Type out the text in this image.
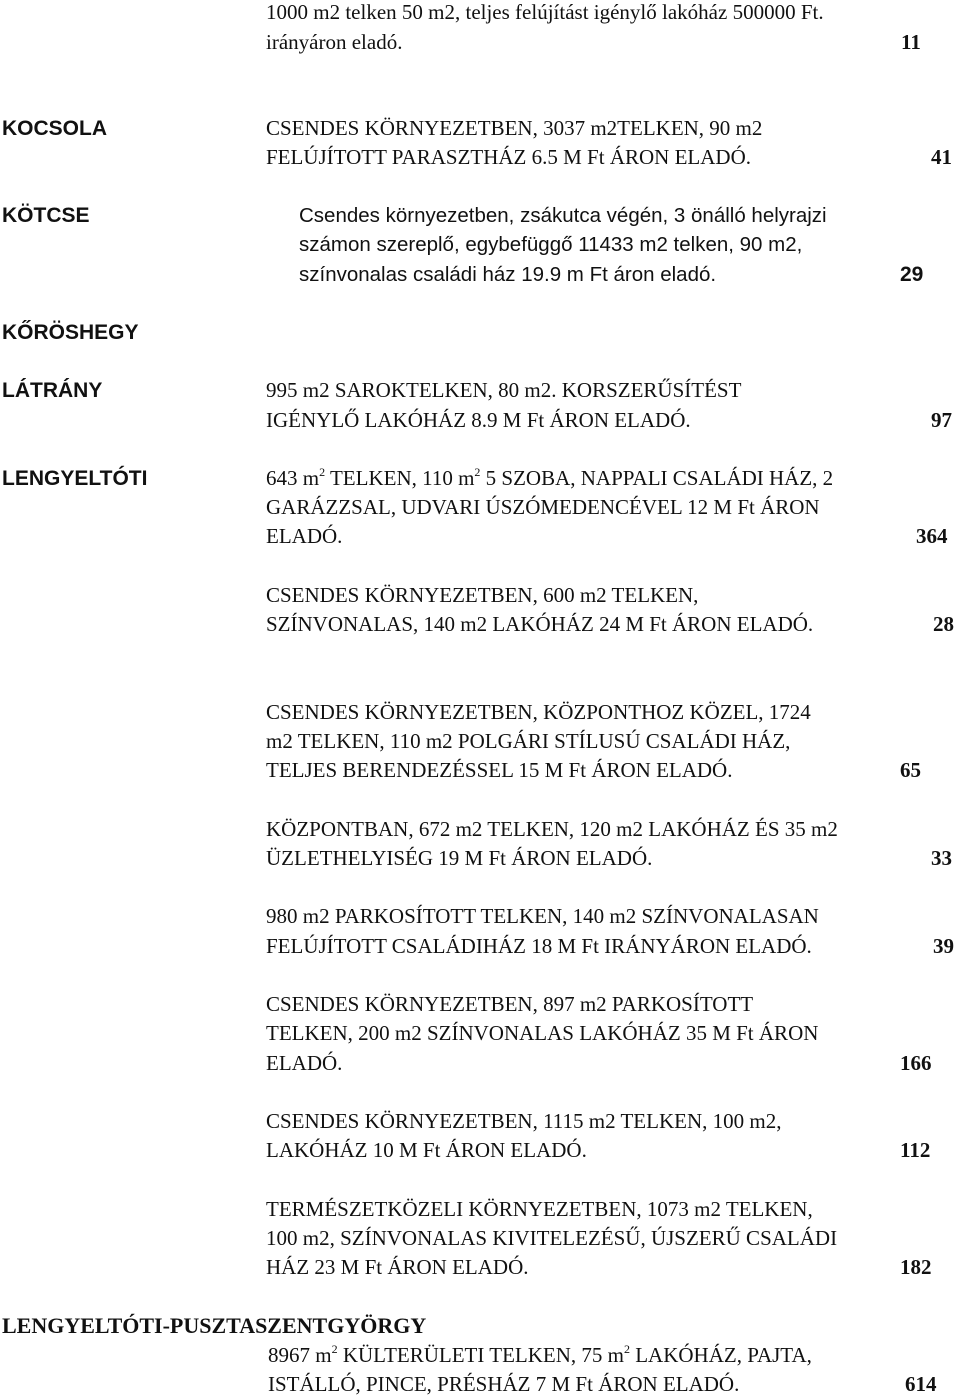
1000 m2 telken 50 m2, teljes felújítást igénylő lakóház 500000 Ft.
irányáron eladó.	11
KOCSOLA	CSENDES KÖRNYEZETBEN, 3037 m2TELKEN, 90 m2
FELÚJÍTOTT PARASZTHÁZ 6.5 M Ft ÁRON ELADÓ.	41
KÖTCSE	Csendes környezetben, zsákutca végén, 3 önálló helyrajzi
számon szereplő, egybefüggő 11433 m2 telken, 90 m2,
színvonalas családi ház 19.9 m Ft áron eladó.	29
KŐRÖSHEGY
LÁTRÁNY	995 m2 SAROKTELKEN, 80 m2. KORSZERŰSÍTÉST
IGÉNYLŐ LAKÓHÁZ 8.9 M Ft ÁRON ELADÓ.	97
LENGYELTÓTI	643 $m^2$ TELKEN, 110 $m^2$ 5 SZOBA, NAPPALI CSALÁDI HÁZ, 2
GARÁZZSAL, UDVARI ÚSZÓMEDENCÉVEL 12 M Ft ÁRON
ELADÓ.	364
CSENDES KÖRNYEZETBEN, 600 m2 TELKEN,
SZÍNVONALAS, 140 m2 LAKÓHÁZ 24 M Ft ÁRON ELADÓ.	28
CSENDES KÖRNYEZETBEN, KÖZPONTHOZ KÖZEL, 1724
m2 TELKEN, 110 m2 POLGÁRI STÍLUSÚ CSALÁDI HÁZ,
TELJES BERENDEZÉSSEL 15 M Ft ÁRON ELADÓ.	65
KÖZPONTBAN, 672 m2 TELKEN, 120 m2 LAKÓHÁZ ÉS 35 m2
ÜZLETHELYISÉG 19 M Ft ÁRON ELADÓ.	33
980 m2 PARKOSÍTOTT TELKEN, 140 m2 SZÍNVONALASAN
FELÚJÍTOTT CSALÁDIHÁZ 18 M Ft IRÁNYÁRON ELADÓ.	39
CSENDES KÖRNYEZETBEN, 897 m2 PARKOSÍTOTT
TELKEN, 200 m2 SZÍNVONALAS LAKÓHÁZ 35 M Ft ÁRON
ELADÓ.	166
CSENDES KÖRNYEZETBEN, 1115 m2 TELKEN, 100 m2,
LAKÓHÁZ 10 M Ft ÁRON ELADÓ.	112
TERMÉSZETKÖZELI KÖRNYEZETBEN, 1073 m2 TELKEN,
100 m2, SZÍNVONALAS KIVITELEZÉSŰ, ÚJSZERŰ CSALÁDI
HÁZ 23 M Ft ÁRON ELADÓ.	182
LENGYELTÓTI-PUSZTASZENTGYÖRGY
8967 $m^2$ KÜLTERÜLETI TELKEN, 75 $m^2$ LAKÓHÁZ, PAJTA,
ISTÁLLÓ, PINCE, PRÉSHÁZ 7 M Ft ÁRON ELADÓ.	614
